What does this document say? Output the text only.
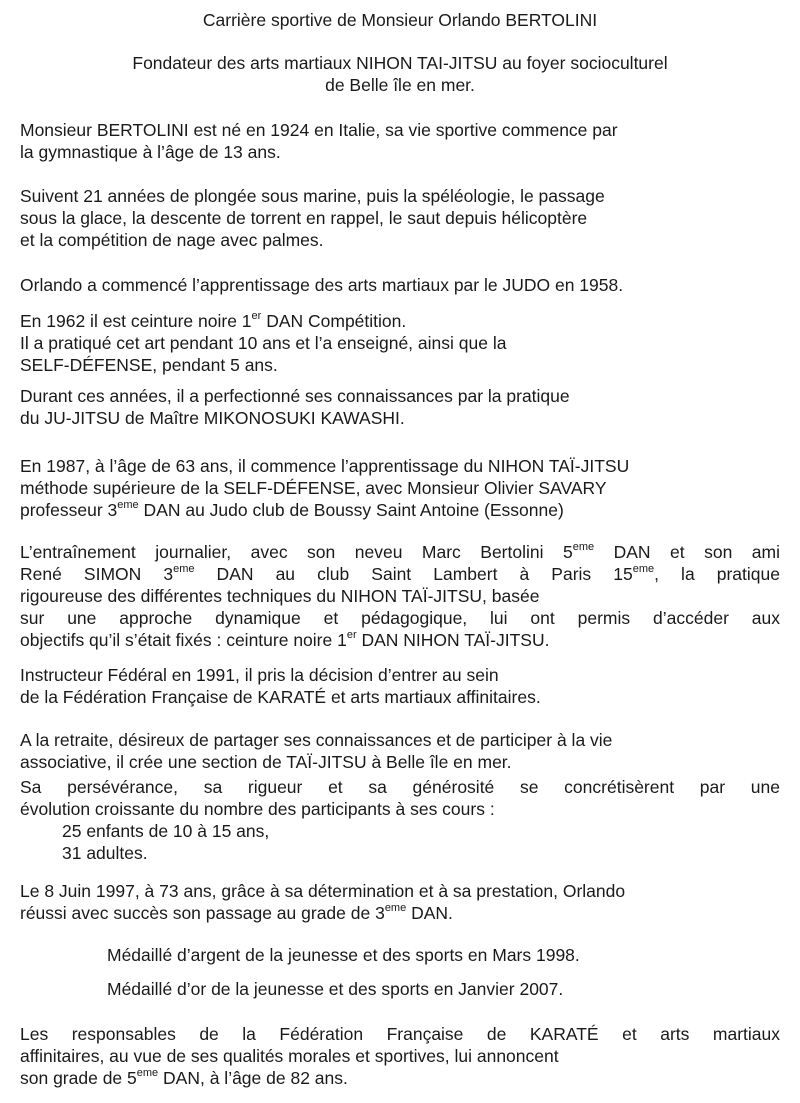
Carrière sportive de Monsieur Orlando BERTOLINI

Fondateur des arts martiaux NIHON TAI-JITSU au foyer socioculturel
de Belle île en mer.
Monsieur BERTOLINI est né en 1924 en Italie, sa vie sportive commence par
la gymnastique à l’âge de 13 ans.
Suivent 21 années de plongée sous marine, puis la spéléologie, le passage
sous la glace, la descente de torrent en rappel, le saut depuis hélicoptère
et la compétition de nage avec palmes.
Orlando a commencé l’apprentissage des arts martiaux par le JUDO en 1958.
En 1962 il est ceinture noire 1er DAN Compétition.
Il a pratiqué cet art pendant 10 ans et l’a enseigné, ainsi que la
SELF-DÉFENSE, pendant 5 ans.
Durant ces années, il a perfectionné ses connaissances par la pratique
du JU-JITSU de Maître MIKONOSUKI KAWASHI.
En 1987, à l’âge de 63 ans, il commence l’apprentissage du NIHON TAÏ-JITSU
méthode supérieure de la SELF-DÉFENSE, avec Monsieur Olivier SAVARY
professeur 3eme DAN au Judo club de Boussy Saint Antoine (Essonne)
L’entraînement journalier, avec son neveu Marc Bertolini 5eme DAN et son ami
René SIMON 3eme DAN au club Saint Lambert à Paris 15eme, la pratique
rigoureuse des différentes techniques du NIHON TAÏ-JITSU, basée
sur une approche dynamique et pédagogique, lui ont permis d’accéder aux
objectifs qu’il s’était fixés : ceinture noire 1er DAN NIHON TAÏ-JITSU.
Instructeur Fédéral en 1991, il pris la décision d’entrer au sein
de la Fédération Française de KARATÉ et arts martiaux affinitaires.
A la retraite, désireux de partager ses connaissances et de participer à la vie
associative, il crée une section de TAÏ-JITSU à Belle île en mer.
Sa persévérance, sa rigueur et sa générosité se concrétisèrent par une
évolution croissante du nombre des participants à ses cours :
25 enfants de 10 à 15 ans,
31 adultes.
Le 8 Juin 1997, à 73 ans, grâce à sa détermination et à sa prestation, Orlando
réussi avec succès son passage au grade de 3eme DAN.
Médaillé d’argent de la jeunesse et des sports en Mars 1998.
Médaillé d’or de la jeunesse et des sports en Janvier 2007.
Les responsables de la Fédération Française de KARATÉ et arts martiaux
affinitaires, au vue de ses qualités morales et sportives, lui annoncent
son grade de 5eme DAN, à l’âge de 82 ans.
